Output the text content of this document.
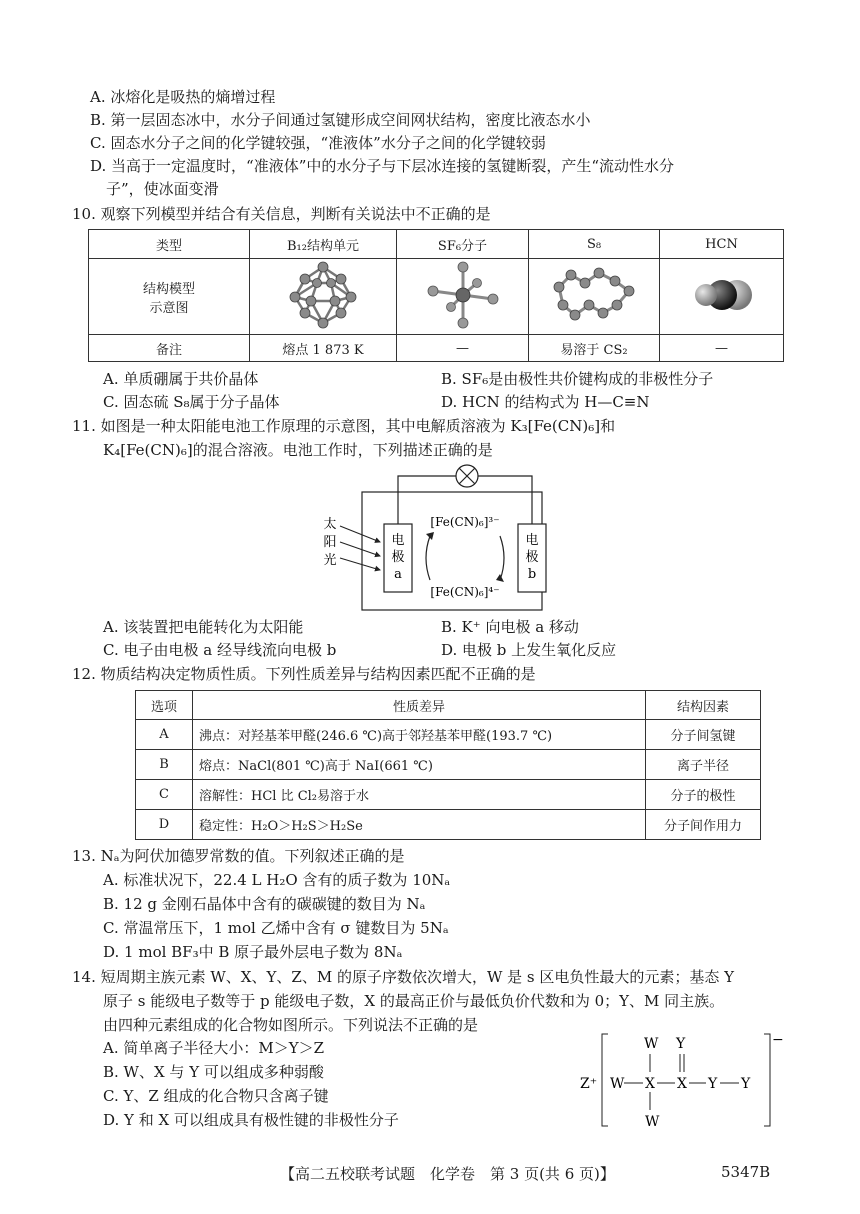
A. 冰熔化是吸热的熵增过程
B. 第一层固态冰中，水分子间通过氢键形成空间网状结构，密度比液态水小
C. 固态水分子之间的化学键较强，“准液体”水分子之间的化学键较弱
D. 当高于一定温度时，“准液体”中的水分子与下层冰连接的氢键断裂，产生“流动性水分
子”，使冰面变滑
10. 观察下列模型并结合有关信息，判断有关说法中不正确的是
类型	B₁₂结构单元	SF₆分子	S₈	HCN

结构模型
示意图

备注	熔点 1 873 K	—	易溶于 CS₂	—
A. 单质硼属于共价晶体	B. SF₆是由极性共价键构成的非极性分子
C. 固态硫 S₈属于分子晶体	D. HCN 的结构式为 H—C≡N
11. 如图是一种太阳能电池工作原理的示意图，其中电解质溶液为 K₃[Fe(CN)₆]和
K₄[Fe(CN)₆]的混合溶液。电池工作时，下列描述正确的是
电
极
a
电
极
b
太
阳
光
[Fe(CN)₆]³⁻
[Fe(CN)₆]⁴⁻
A. 该装置把电能转化为太阳能	B. K⁺ 向电极 a 移动
C. 电子由电极 a 经导线流向电极 b	D. 电极 b 上发生氧化反应
12. 物质结构决定物质性质。下列性质差异与结构因素匹配不正确的是
选项	性质差异	结构因素
A	沸点：对羟基苯甲醛(246.6 ℃)高于邻羟基苯甲醛(193.7 ℃)	分子间氢键
B	熔点：NaCl(801 ℃)高于 NaI(661 ℃)	离子半径
C	溶解性：HCl 比 Cl₂易溶于水	分子的极性
D	稳定性：H₂O＞H₂S＞H₂Se	分子间作用力
13. Nₐ为阿伏加德罗常数的值。下列叙述正确的是
A. 标准状况下，22.4 L H₂O 含有的质子数为 10Nₐ
B. 12 g 金刚石晶体中含有的碳碳键的数目为 Nₐ
C. 常温常压下，1 mol 乙烯中含有 σ 键数目为 5Nₐ
D. 1 mol BF₃中 B 原子最外层电子数为 8Nₐ
14. 短周期主族元素 W、X、Y、Z、M 的原子序数依次增大，W 是 s 区电负性最大的元素；基态 Y
原子 s 能级电子数等于 p 能级电子数，X 的最高正价与最低负价代数和为 0；Y、M 同主族。
由四种元素组成的化合物如图所示。下列说法不正确的是
A. 简单离子半径大小：M＞Y＞Z
B. W、X 与 Y 可以组成多种弱酸
C. Y、Z 组成的化合物只含离子键
D. Y 和 X 可以组成具有极性键的非极性分子
Z⁺
−
W Y
W X X Y Y
W
【高二五校联考试题　化学卷　第 3 页(共 6 页)】	5347B
